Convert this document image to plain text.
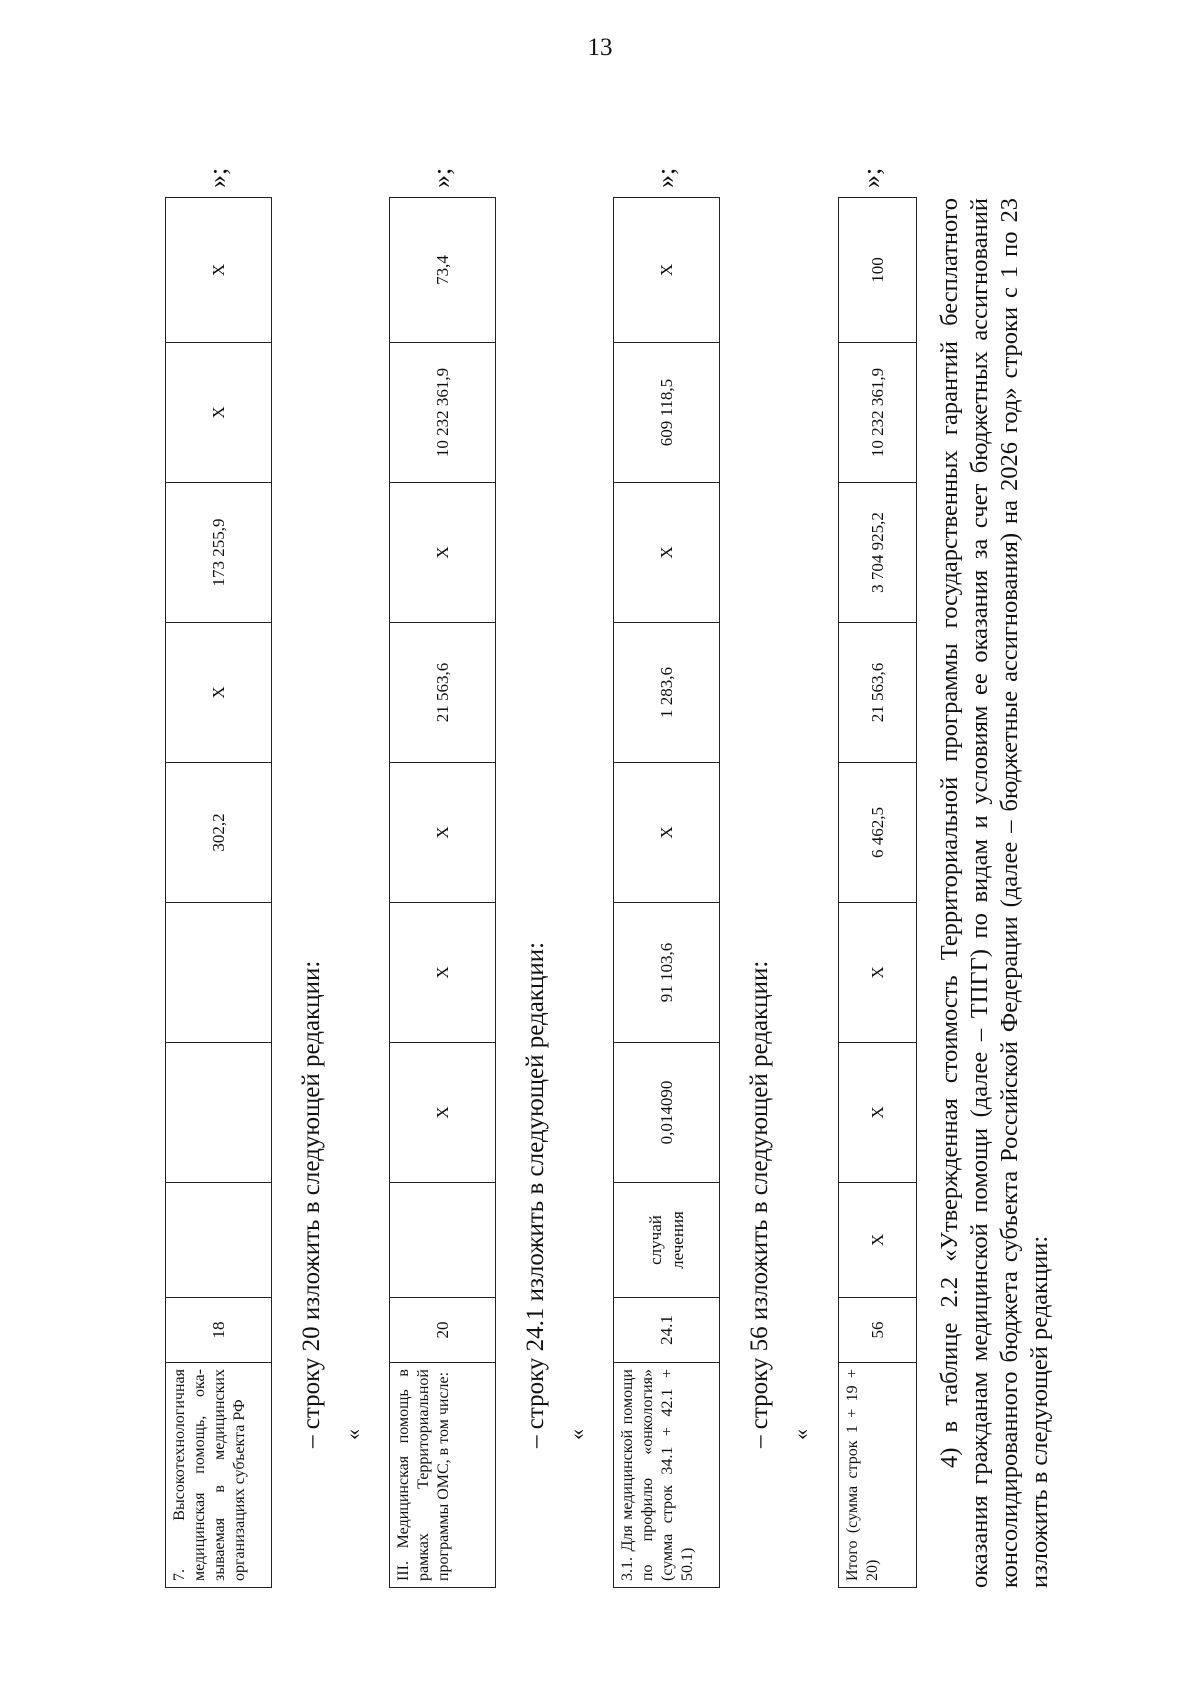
13
7. Высокотехнологичная медицинская помощь, ока-зываемая в медицинских организациях субъекта РФ	18				302,2	X	173 255,9	X	X
»;
– строку 20 изложить в следующей редакции: « III. Медицинская помощь в рамках Территориальной программы ОМС, в том числе:	20		X	X	X	21 563,6	X	10 232 361,9	73,4
»;
– строку 24.1 изложить в следующей редакции: « 3.1. Для медицинской помощи по профилю «онкология» (сумма строк 34.1 + 42.1 + 50.1)	24.1	случай лечения	0,014090	91 103,6	X	1 283,6	X	609 118,5	X
»;
– строку 56 изложить в следующей редакции: « Итого (сумма строк 1 + 19 + 20)	56	X	X	X	6 462,5	21 563,6	3 704 925,2	10 232 361,9	100
»;
4) в таблице 2.2 «Утвержденная стоимость Территориальной программы государственных гарантий бесплатного оказания гражданам медицинской помощи (далее – ТПГГ) по видам и условиям ее оказания за счет бюджетных ассигнований консолидированного бюджета субъекта Российской Федерации (далее – бюджетные ассигнования) на 2026 год» строки с 1 по 23 изложить в следующей редакции:
